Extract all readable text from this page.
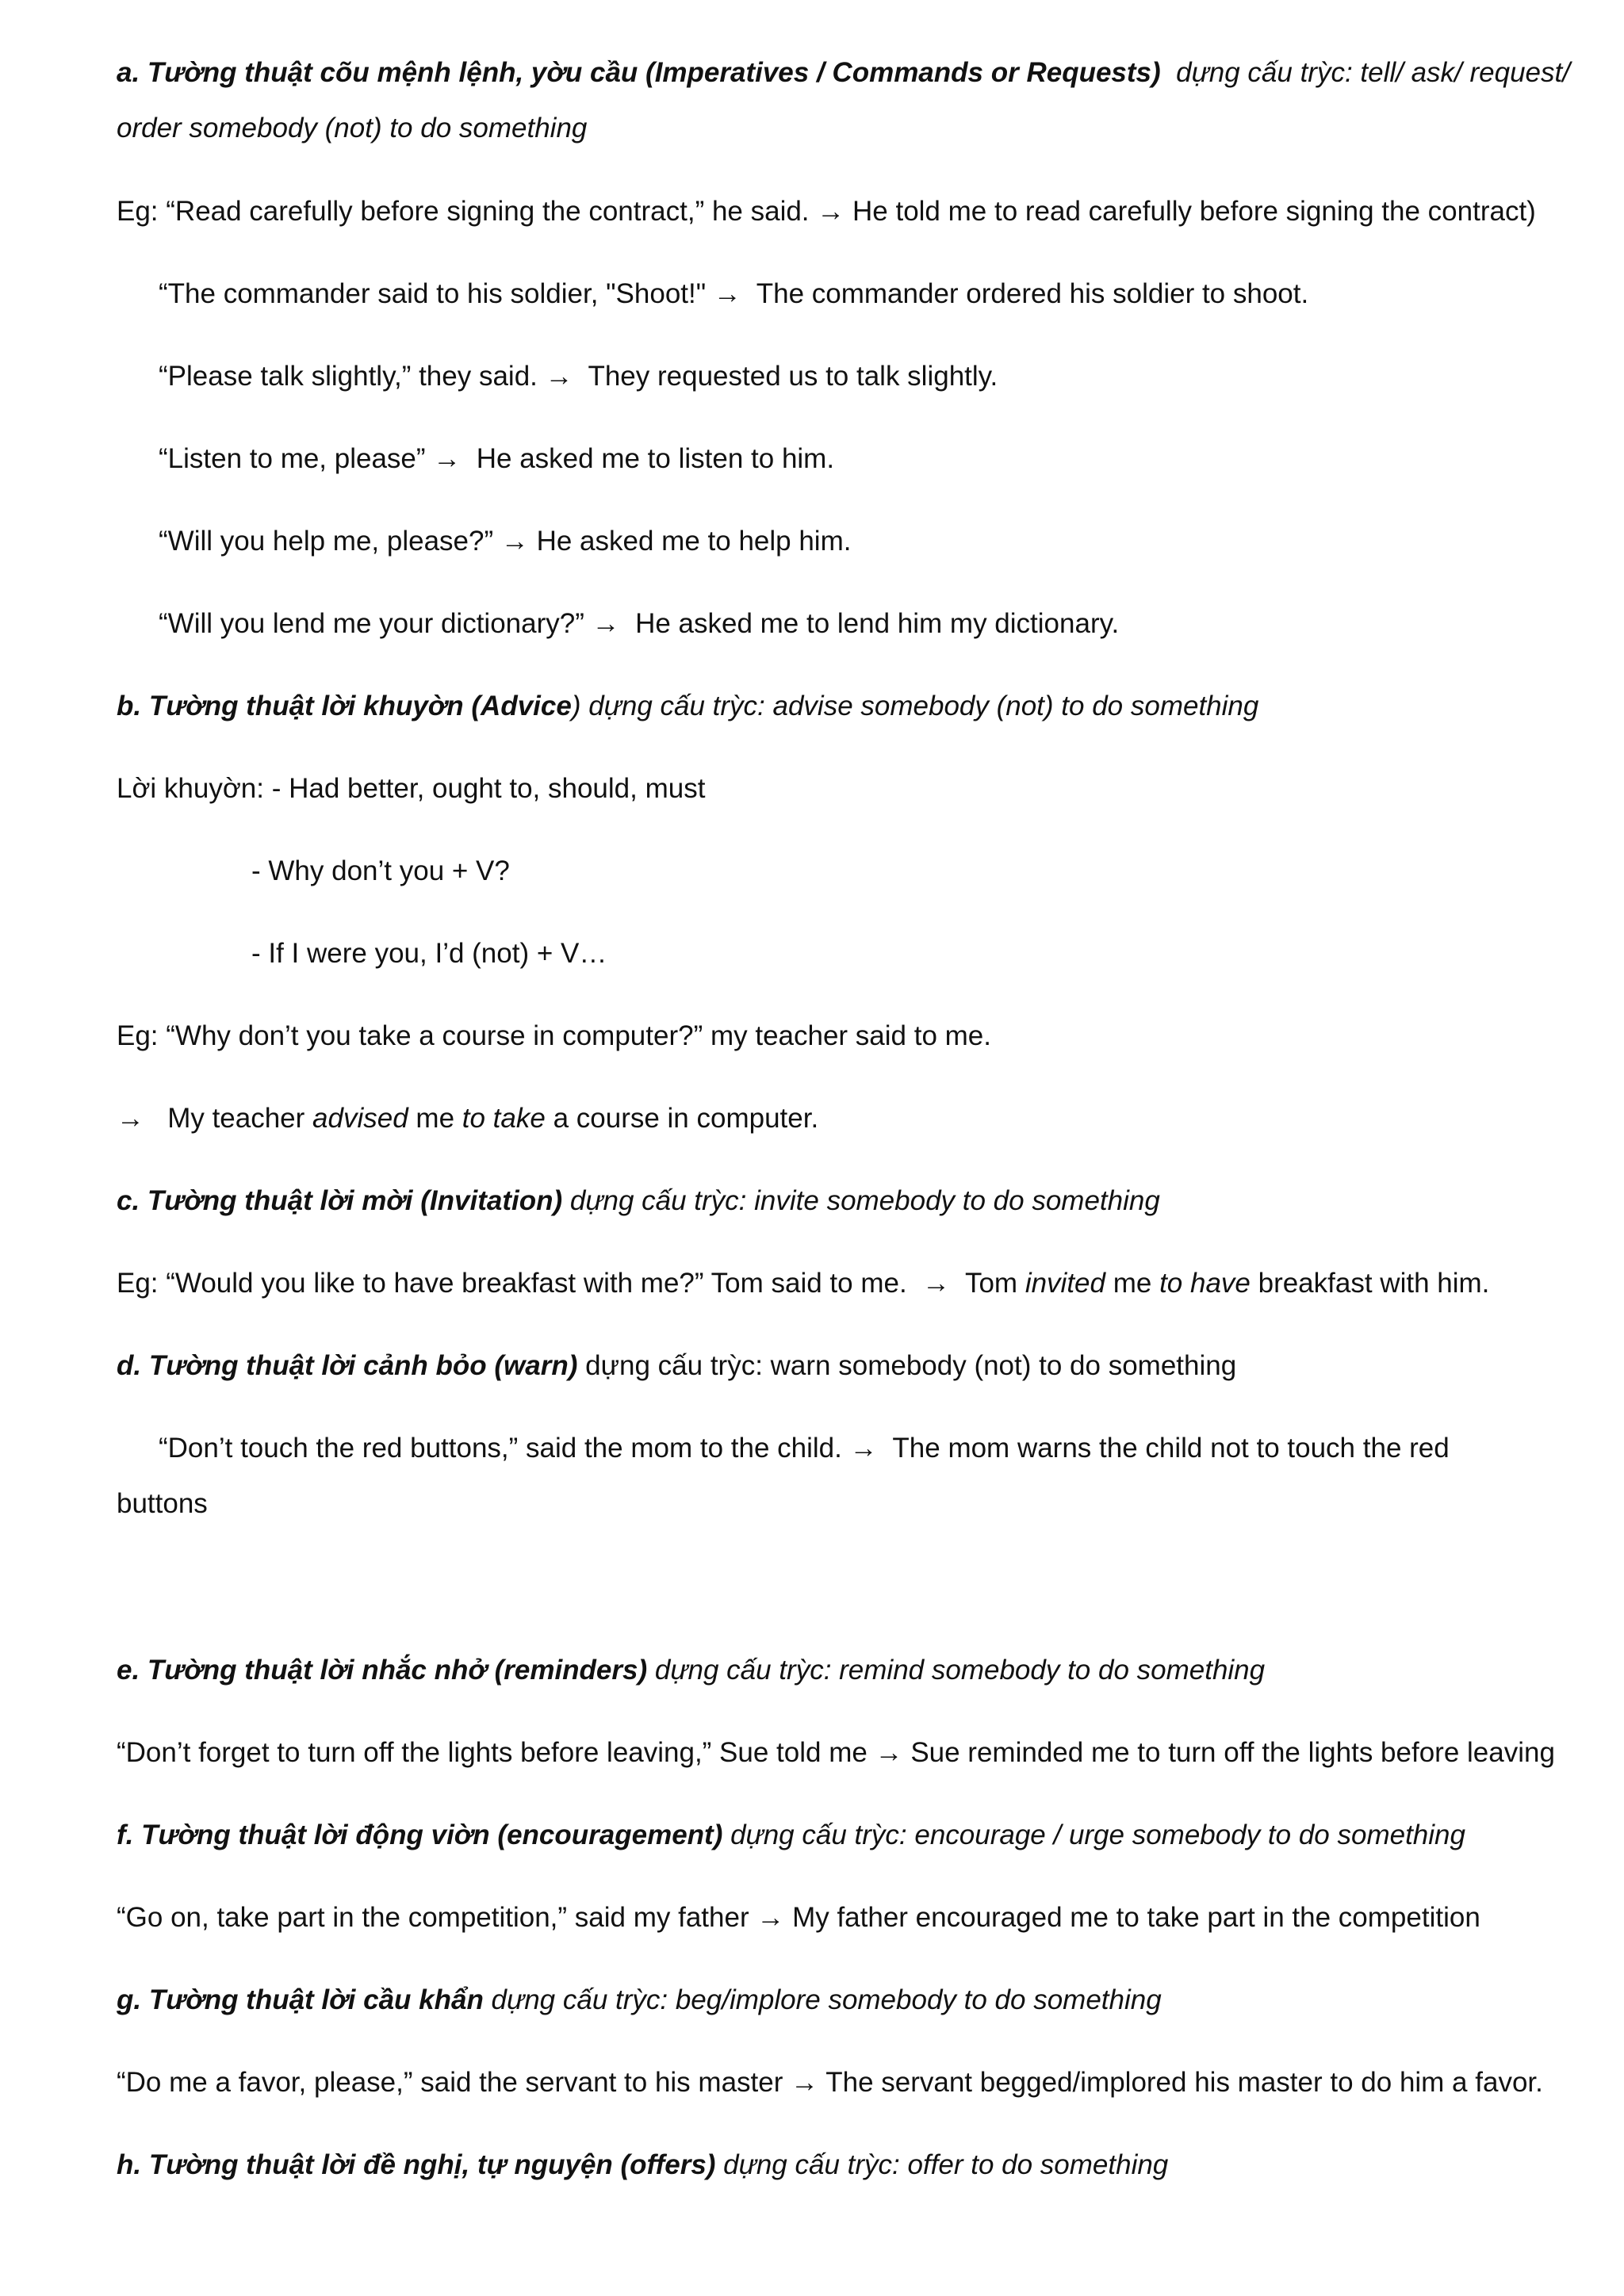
a. Tường thuật cõu mệnh lệnh, yờu cầu (Imperatives / Commands or Requests) dựng cấu trỳc: tell/ ask/ request/
order somebody (not) to do something
Eg: “Read carefully before signing the contract,” he said. → He told me to read carefully before signing the contract)
“The commander said to his soldier, "Shoot!" → The commander ordered his soldier to shoot.
“Please talk slightly,” they said. → They requested us to talk slightly.
“Listen to me, please” → He asked me to listen to him.
“Will you help me, please?” → He asked me to help him.
“Will you lend me your dictionary?” → He asked me to lend him my dictionary.
b. Tường thuật lời khuyờn (Advice) dựng cấu trỳc: advise somebody (not) to do something
Lời khuyờn: - Had better, ought to, should, must
- Why don’t you + V?
- If I were you, I’d (not) + V…
Eg: “Why don’t you take a course in computer?” my teacher said to me.
→ My teacher advised me to take a course in computer.
c. Tường thuật lời mời (Invitation) dựng cấu trỳc: invite somebody to do something
Eg: “Would you like to have breakfast with me?” Tom said to me. → Tom invited me to have breakfast with him.
d. Tường thuật lời cảnh bỏo (warn) dựng cấu trỳc: warn somebody (not) to do something
“Don’t touch the red buttons,” said the mom to the child. → The mom warns the child not to touch the red
buttons
e. Tường thuật lời nhắc nhở (reminders) dựng cấu trỳc: remind somebody to do something
“Don’t forget to turn off the lights before leaving,” Sue told me → Sue reminded me to turn off the lights before leaving
f. Tường thuật lời động viờn (encouragement) dựng cấu trỳc: encourage / urge somebody to do something
“Go on, take part in the competition,” said my father → My father encouraged me to take part in the competition
g. Tường thuật lời cầu khẩn dựng cấu trỳc: beg/implore somebody to do something
“Do me a favor, please,” said the servant to his master → The servant begged/implored his master to do him a favor.
h. Tường thuật lời đề nghị, tự nguyện (offers) dựng cấu trỳc: offer to do something
